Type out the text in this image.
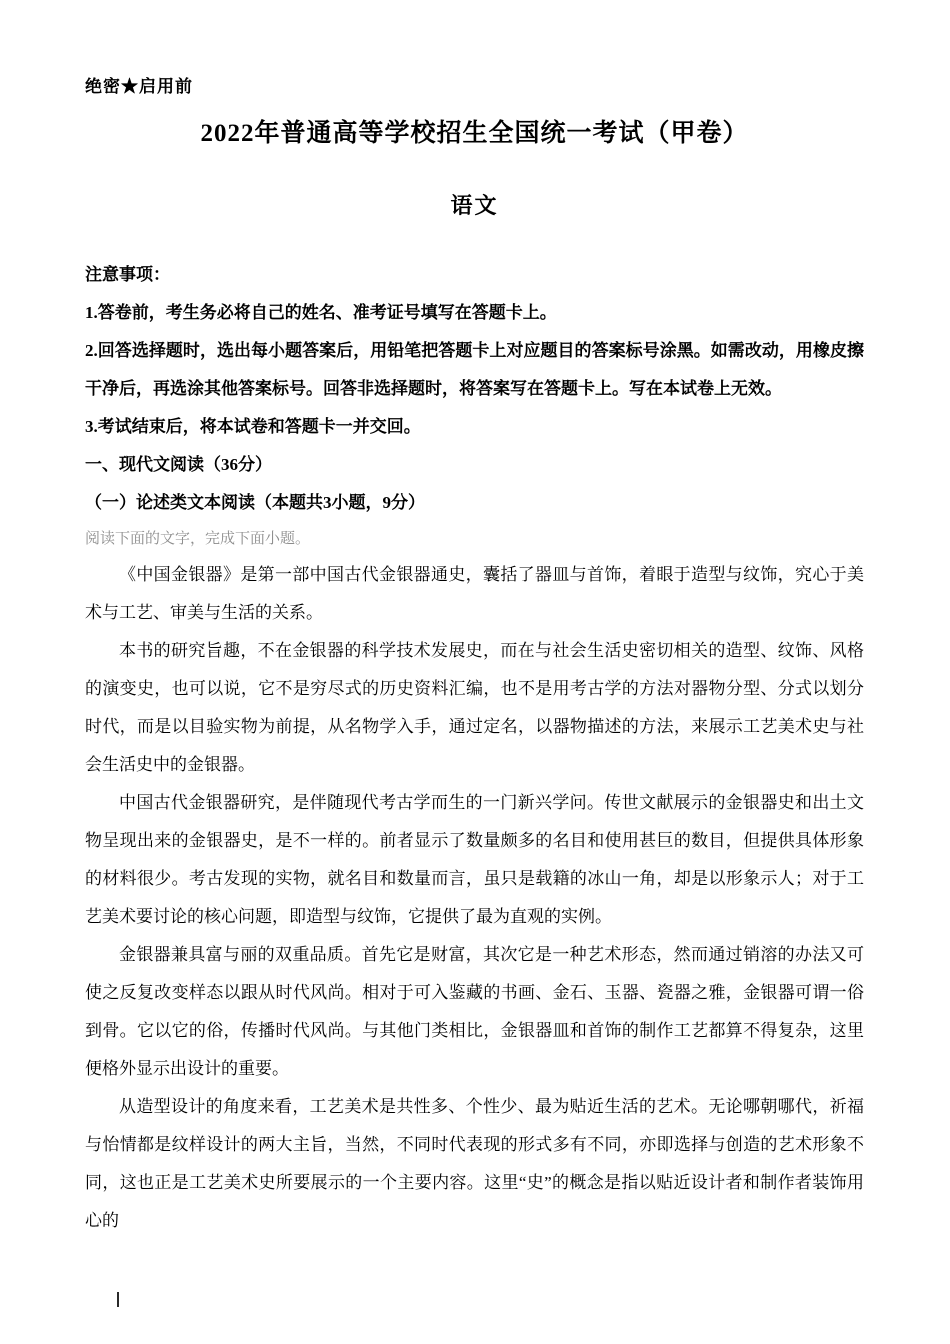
绝密★启用前
2022年普通高等学校招生全国统一考试（甲卷）
语文
注意事项：

1.答卷前，考生务必将自己的姓名、准考证号填写在答题卡上。

2.回答选择题时，选出每小题答案后，用铅笔把答题卡上对应题目的答案标号涂黑。如需改动，用橡皮擦干净后，再选涂其他答案标号。回答非选择题时，将答案写在答题卡上。写在本试卷上无效。

3.考试结束后，将本试卷和答题卡一并交回。

一、现代文阅读（36分）
（一）论述类文本阅读（本题共3小题，9分）
阅读下面的文字，完成下面小题。

《中国金银器》是第一部中国古代金银器通史，囊括了器皿与首饰，着眼于造型与纹饰，究心于美术与工艺、审美与生活的关系。

本书的研究旨趣，不在金银器的科学技术发展史，而在与社会生活史密切相关的造型、纹饰、风格的演变史，也可以说，它不是穷尽式的历史资料汇编，也不是用考古学的方法对器物分型、分式以划分时代，而是以目验实物为前提，从名物学入手，通过定名，以器物描述的方法，来展示工艺美术史与社会生活史中的金银器。

中国古代金银器研究，是伴随现代考古学而生的一门新兴学问。传世文献展示的金银器史和出土文物呈现出来的金银器史，是不一样的。前者显示了数量颇多的名目和使用甚巨的数目，但提供具体形象的材料很少。考古发现的实物，就名目和数量而言，虽只是载籍的冰山一角，却是以形象示人；对于工艺美术要讨论的核心问题，即造型与纹饰，它提供了最为直观的实例。

金银器兼具富与丽的双重品质。首先它是财富，其次它是一种艺术形态，然而通过销溶的办法又可使之反复改变样态以跟从时代风尚。相对于可入鉴藏的书画、金石、玉器、瓷器之雅，金银器可谓一俗到骨。它以它的俗，传播时代风尚。与其他门类相比，金银器皿和首饰的制作工艺都算不得复杂，这里便格外显示出设计的重要。

从造型设计的角度来看，工艺美术是共性多、个性少、最为贴近生活的艺术。无论哪朝哪代，祈福与怡情都是纹样设计的两大主旨，当然，不同时代表现的形式多有不同，亦即选择与创造的艺术形象不同，这也正是工艺美术史所要展示的一个主要内容。这里“史”的概念是指以贴近设计者和制作者装饰用心的
